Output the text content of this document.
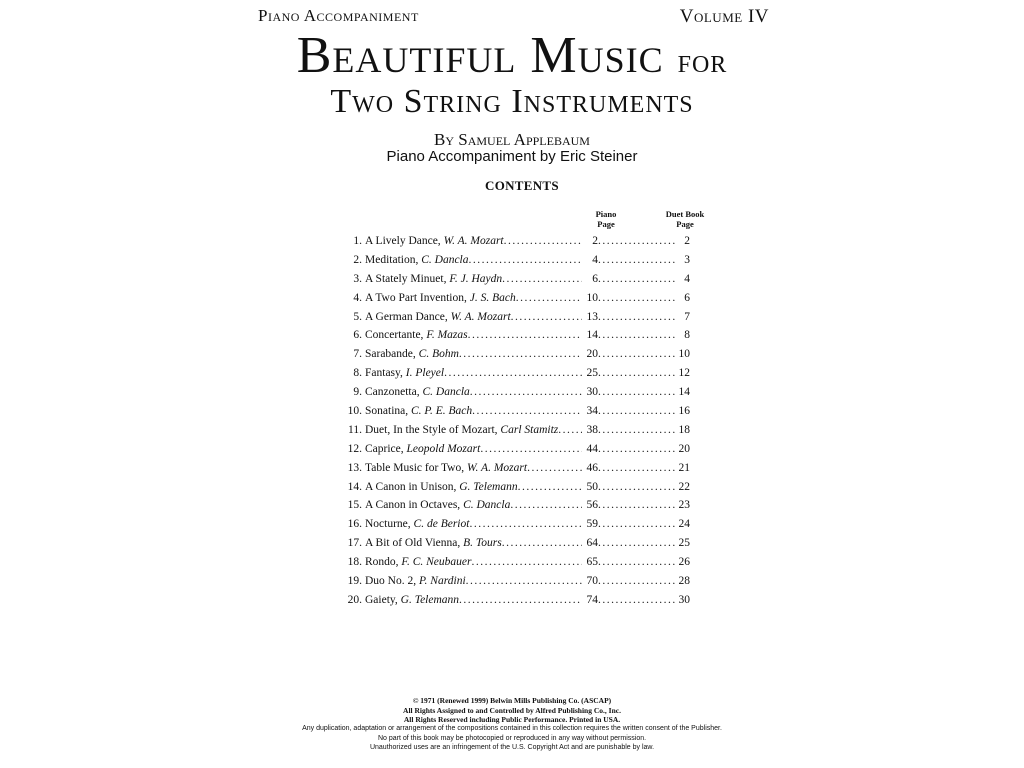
Piano Accompaniment	Volume IV
Beautiful Music for
Two String Instruments
By Samuel Applebaum
Piano Accompaniment by Eric Steiner
CONTENTS
Piano
Page
Duet Book
Page
1. A Lively Dance, W. A. Mozart .....	2 .....	2
2. Meditation, C. Dancla .....	4 .....	3
3. A Stately Minuet, F. J. Haydn .....	6 .....	4
4. A Two Part Invention, J. S. Bach .....	10 .....	6
5. A German Dance, W. A. Mozart .....	13 .....	7
6. Concertante, F. Mazas .....	14 .....	8
7. Sarabande, C. Bohm .....	20 .....	10
8. Fantasy, I. Pleyel .....	25 .....	12
9. Canzonetta, C. Dancla .....	30 .....	14
10. Sonatina, C. P. E. Bach .....	34 .....	16
11. Duet, In the Style of Mozart, Carl Stamitz .....	38 .....	18
12. Caprice, Leopold Mozart .....	44 .....	20
13. Table Music for Two, W. A. Mozart .....	46 .....	21
14. A Canon in Unison, G. Telemann .....	50 .....	22
15. A Canon in Octaves, C. Dancla .....	56 .....	23
16. Nocturne, C. de Beriot .....	59 .....	24
17. A Bit of Old Vienna, B. Tours .....	64 .....	25
18. Rondo, F. C. Neubauer .....	65 .....	26
19. Duo No. 2, P. Nardini .....	70 .....	28
20. Gaiety, G. Telemann .....	74 .....	30
© 1971 (Renewed 1999) Belwin Mills Publishing Co. (ASCAP)
All Rights Assigned to and Controlled by Alfred Publishing Co., Inc.
All Rights Reserved including Public Performance. Printed in USA.
Any duplication, adaptation or arrangement of the compositions contained in this collection requires the written consent of the Publisher.
No part of this book may be photocopied or reproduced in any way without permission.
Unauthorized uses are an infringement of the U.S. Copyright Act and are punishable by law.
